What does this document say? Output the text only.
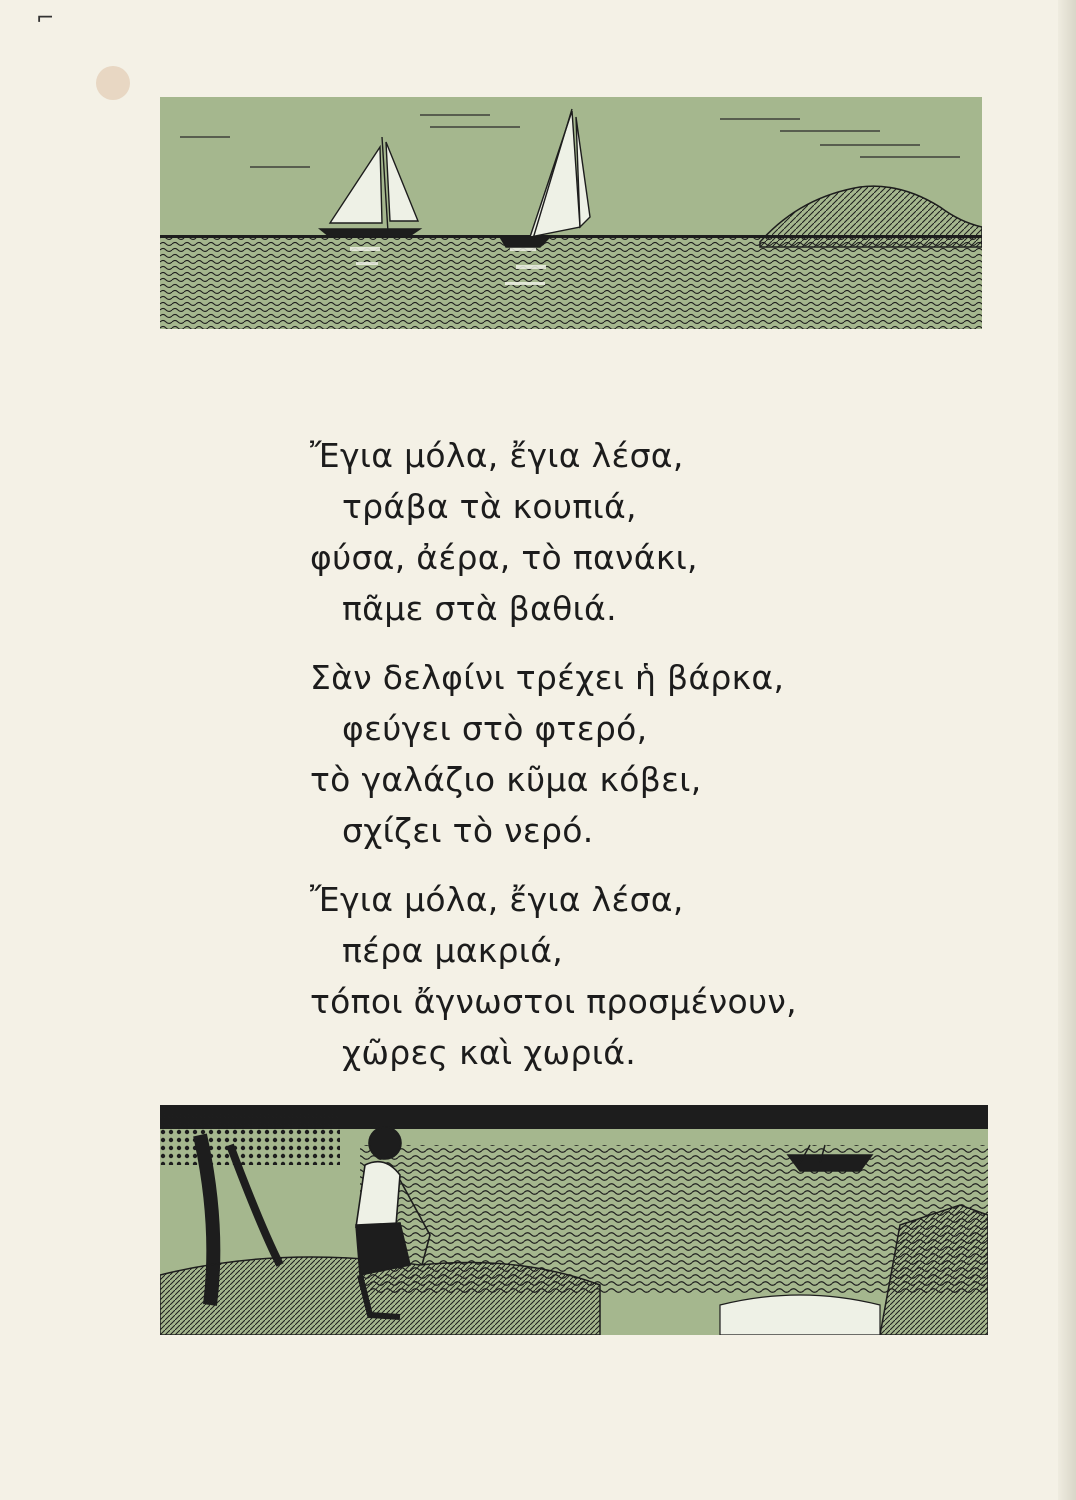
⌐
Ἔγια μόλα, ἔγια λέσα,
τράβα τὰ κουπιά,
φύσα, ἀέρα, τὸ πανάκι,
πᾶμε στὰ βαθιά.
Σὰν δελφίνι τρέχει ἡ βάρκα,
φεύγει στὸ φτερό,
τὸ γαλάζιο κῦμα κόβει,
σχίζει τὸ νερό.
Ἔγια μόλα, ἔγια λέσα,
πέρα μακριά,
τόποι ἄγνωστοι προσμένουν,
χῶρες καὶ χωριά.
